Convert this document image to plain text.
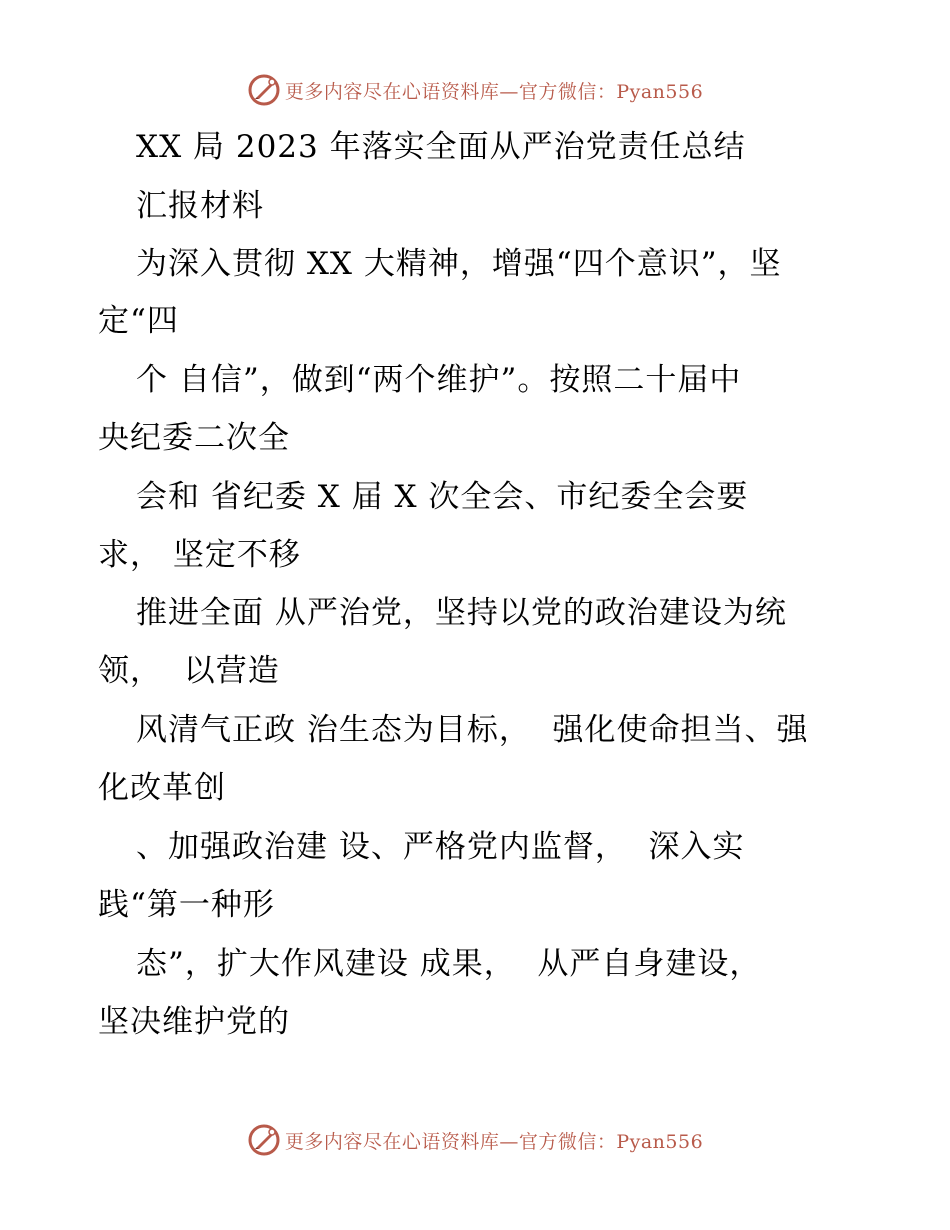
更多内容尽在心语资料库—官方微信：Pyan556
XX 局 2023 年落实全面从严治党责任总结
汇报材料
为深入贯彻 XX 大精神，增强“四个意识”，坚
定“四
个 自信”，做到“两个维护”。按照二十届中
央纪委二次全
会和 省纪委 X 届 X 次全会、市纪委全会要
求， 坚定不移
推进全面 从严治党，坚持以党的政治建设为统
领，  以营造
风清气正政 治生态为目标，  强化使命担当、强
化改革创
、加强政治建 设、严格党内监督，  深入实
践“第一种形
态”，扩大作风建设 成果，  从严自身建设，
坚决维护党的
更多内容尽在心语资料库—官方微信：Pyan556
